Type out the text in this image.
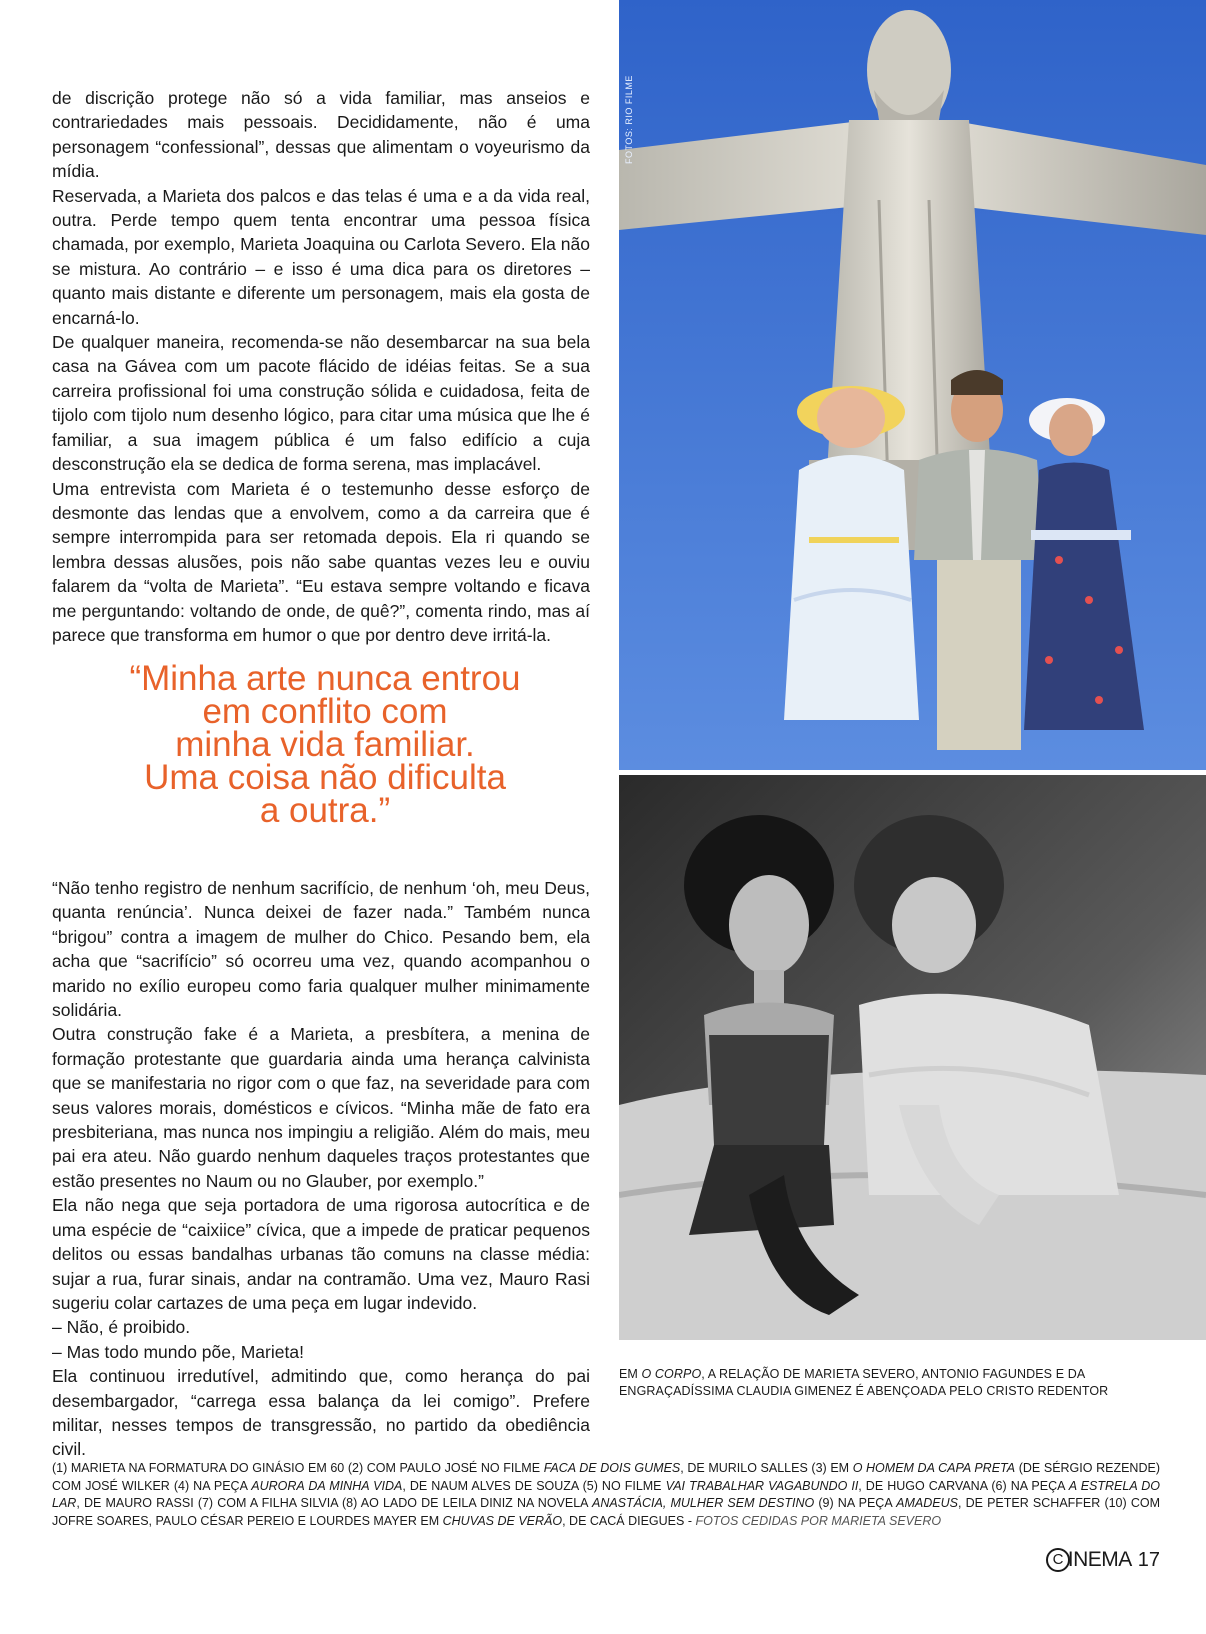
de discrição protege não só a vida familiar, mas anseios e contrariedades mais pessoais. Decididamente, não é uma personagem “confessional”, dessas que alimentam o voyeurismo da mídia.

Reservada, a Marieta dos palcos e das telas é uma e a da vida real, outra. Perde tempo quem tenta encontrar uma pessoa física chamada, por exemplo, Marieta Joaquina ou Carlota Severo. Ela não se mistura. Ao contrário – e isso é uma dica para os diretores – quanto mais distante e diferente um personagem, mais ela gosta de encarná-lo.

De qualquer maneira, recomenda-se não desembarcar na sua bela casa na Gávea com um pacote flácido de idéias feitas. Se a sua carreira profissional foi uma construção sólida e cuidadosa, feita de tijolo com tijolo num desenho lógico, para citar uma música que lhe é familiar, a sua imagem pública é um falso edifício a cuja desconstrução ela se dedica de forma serena, mas implacável.

Uma entrevista com Marieta é o testemunho desse esforço de desmonte das lendas que a envolvem, como a da carreira que é sempre interrompida para ser retomada depois. Ela ri quando se lembra dessas alusões, pois não sabe quantas vezes leu e ouviu falarem da “volta de Marieta”. “Eu estava sempre voltando e ficava me perguntando: voltando de onde, de quê?”, comenta rindo, mas aí parece que transforma em humor o que por dentro deve irritá-la.

“Minha arte nunca entrou
em conflito com
minha vida familiar.
Uma coisa não dificulta
a outra.”

“Não tenho registro de nenhum sacrifício, de nenhum ‘oh, meu Deus, quanta renúncia’. Nunca deixei de fazer nada.” Também nunca “brigou” contra a imagem de mulher do Chico. Pesando bem, ela acha que “sacrifício” só ocorreu uma vez, quando acompanhou o marido no exílio europeu como faria qualquer mulher minimamente solidária.

Outra construção fake é a Marieta, a presbítera, a menina de formação protestante que guardaria ainda uma herança calvinista que se manifestaria no rigor com o que faz, na severidade para com seus valores morais, domésticos e cívicos. “Minha mãe de fato era presbiteriana, mas nunca nos impingiu a religião. Além do mais, meu pai era ateu. Não guardo nenhum daqueles traços protestantes que estão presentes no Naum ou no Glauber, por exemplo.”

Ela não nega que seja portadora de uma rigorosa autocrítica e de uma espécie de “caixiice” cívica, que a impede de praticar pequenos delitos ou essas bandalhas urbanas tão comuns na classe média: sujar a rua, furar sinais, andar na contramão. Uma vez, Mauro Rasi sugeriu colar cartazes de uma peça em lugar indevido.

– Não, é proibido.

– Mas todo mundo põe, Marieta!

Ela continuou irredutível, admitindo que, como herança do pai desembargador, “carrega essa balança da lei comigo”. Prefere militar, nesses tempos de transgressão, no partido da obediência civil.

FOTOS: RIO FILME
EM O CORPO, A RELAÇÃO DE MARIETA SEVERO, ANTONIO FAGUNDES E DA ENGRAÇADÍSSIMA CLAUDIA GIMENEZ É ABENÇOADA PELO CRISTO REDENTOR
(1) MARIETA NA FORMATURA DO GINÁSIO EM 60 (2) COM PAULO JOSÉ NO FILME FACA DE DOIS GUMES, DE MURILO SALLES (3) EM O HOMEM DA CAPA PRETA (DE SÉRGIO REZENDE) COM JOSÉ WILKER (4) NA PEÇA AURORA DA MINHA VIDA, DE NAUM ALVES DE SOUZA (5) NO FILME VAI TRABALHAR VAGABUNDO II, DE HUGO CARVANA (6) NA PEÇA A ESTRELA DO LAR, DE MAURO RASSI (7) COM A FILHA SILVIA (8) AO LADO DE LEILA DINIZ NA NOVELA ANASTÁCIA, MULHER SEM DESTINO (9) NA PEÇA AMADEUS, DE PETER SCHAFFER (10) COM JOFRE SOARES, PAULO CÉSAR PEREIO E LOURDES MAYER EM CHUVAS DE VERÃO, DE CACÁ DIEGUES - FOTOS CEDIDAS POR MARIETA SEVERO
C INEMA 17
